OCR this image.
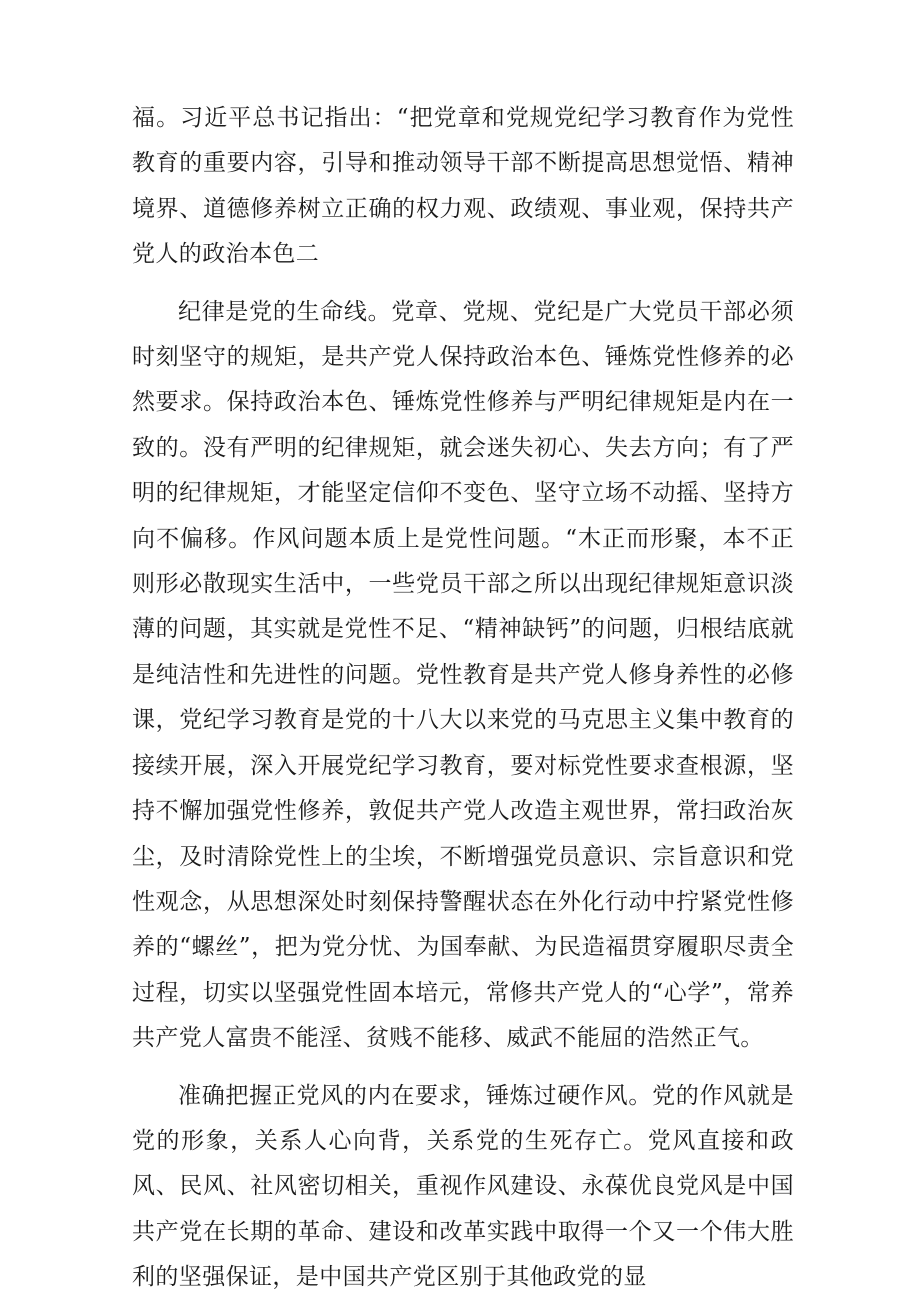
福。习近平总书记指出：“把党章和党规党纪学习教育作为党性教育的重要内容，引导和推动领导干部不断提高思想觉悟、精神境界、道德修养树立正确的权力观、政绩观、事业观，保持共产党人的政治本色二

纪律是党的生命线。党章、党规、党纪是广大党员干部必须时刻坚守的规矩，是共产党人保持政治本色、锤炼党性修养的必然要求。保持政治本色、锤炼党性修养与严明纪律规矩是内在一致的。没有严明的纪律规矩，就会迷失初心、失去方向；有了严明的纪律规矩，才能坚定信仰不变色、坚守立场不动摇、坚持方向不偏移。作风问题本质上是党性问题。“木正而形聚，本不正则形必散现实生活中，一些党员干部之所以出现纪律规矩意识淡薄的问题，其实就是党性不足、“精神缺钙”的问题，归根结底就是纯洁性和先进性的问题。党性教育是共产党人修身养性的必修课，党纪学习教育是党的十八大以来党的马克思主义集中教育的接续开展，深入开展党纪学习教育，要对标党性要求查根源，坚持不懈加强党性修养，敦促共产党人改造主观世界，常扫政治灰尘，及时清除党性上的尘埃，不断增强党员意识、宗旨意识和党性观念，从思想深处时刻保持警醒状态在外化行动中拧紧党性修养的“螺丝”，把为党分忧、为国奉献、为民造福贯穿履职尽责全过程，切实以坚强党性固本培元，常修共产党人的“心学”，常养共产党人富贵不能淫、贫贱不能移、威武不能屈的浩然正气。

准确把握正党风的内在要求，锤炼过硬作风。党的作风就是党的形象，关系人心向背，关系党的生死存亡。党风直接和政风、民风、社风密切相关，重视作风建设、永葆优良党风是中国共产党在长期的革命、建设和改革实践中取得一个又一个伟大胜利的坚强保证，是中国共产党区别于其他政党的显
